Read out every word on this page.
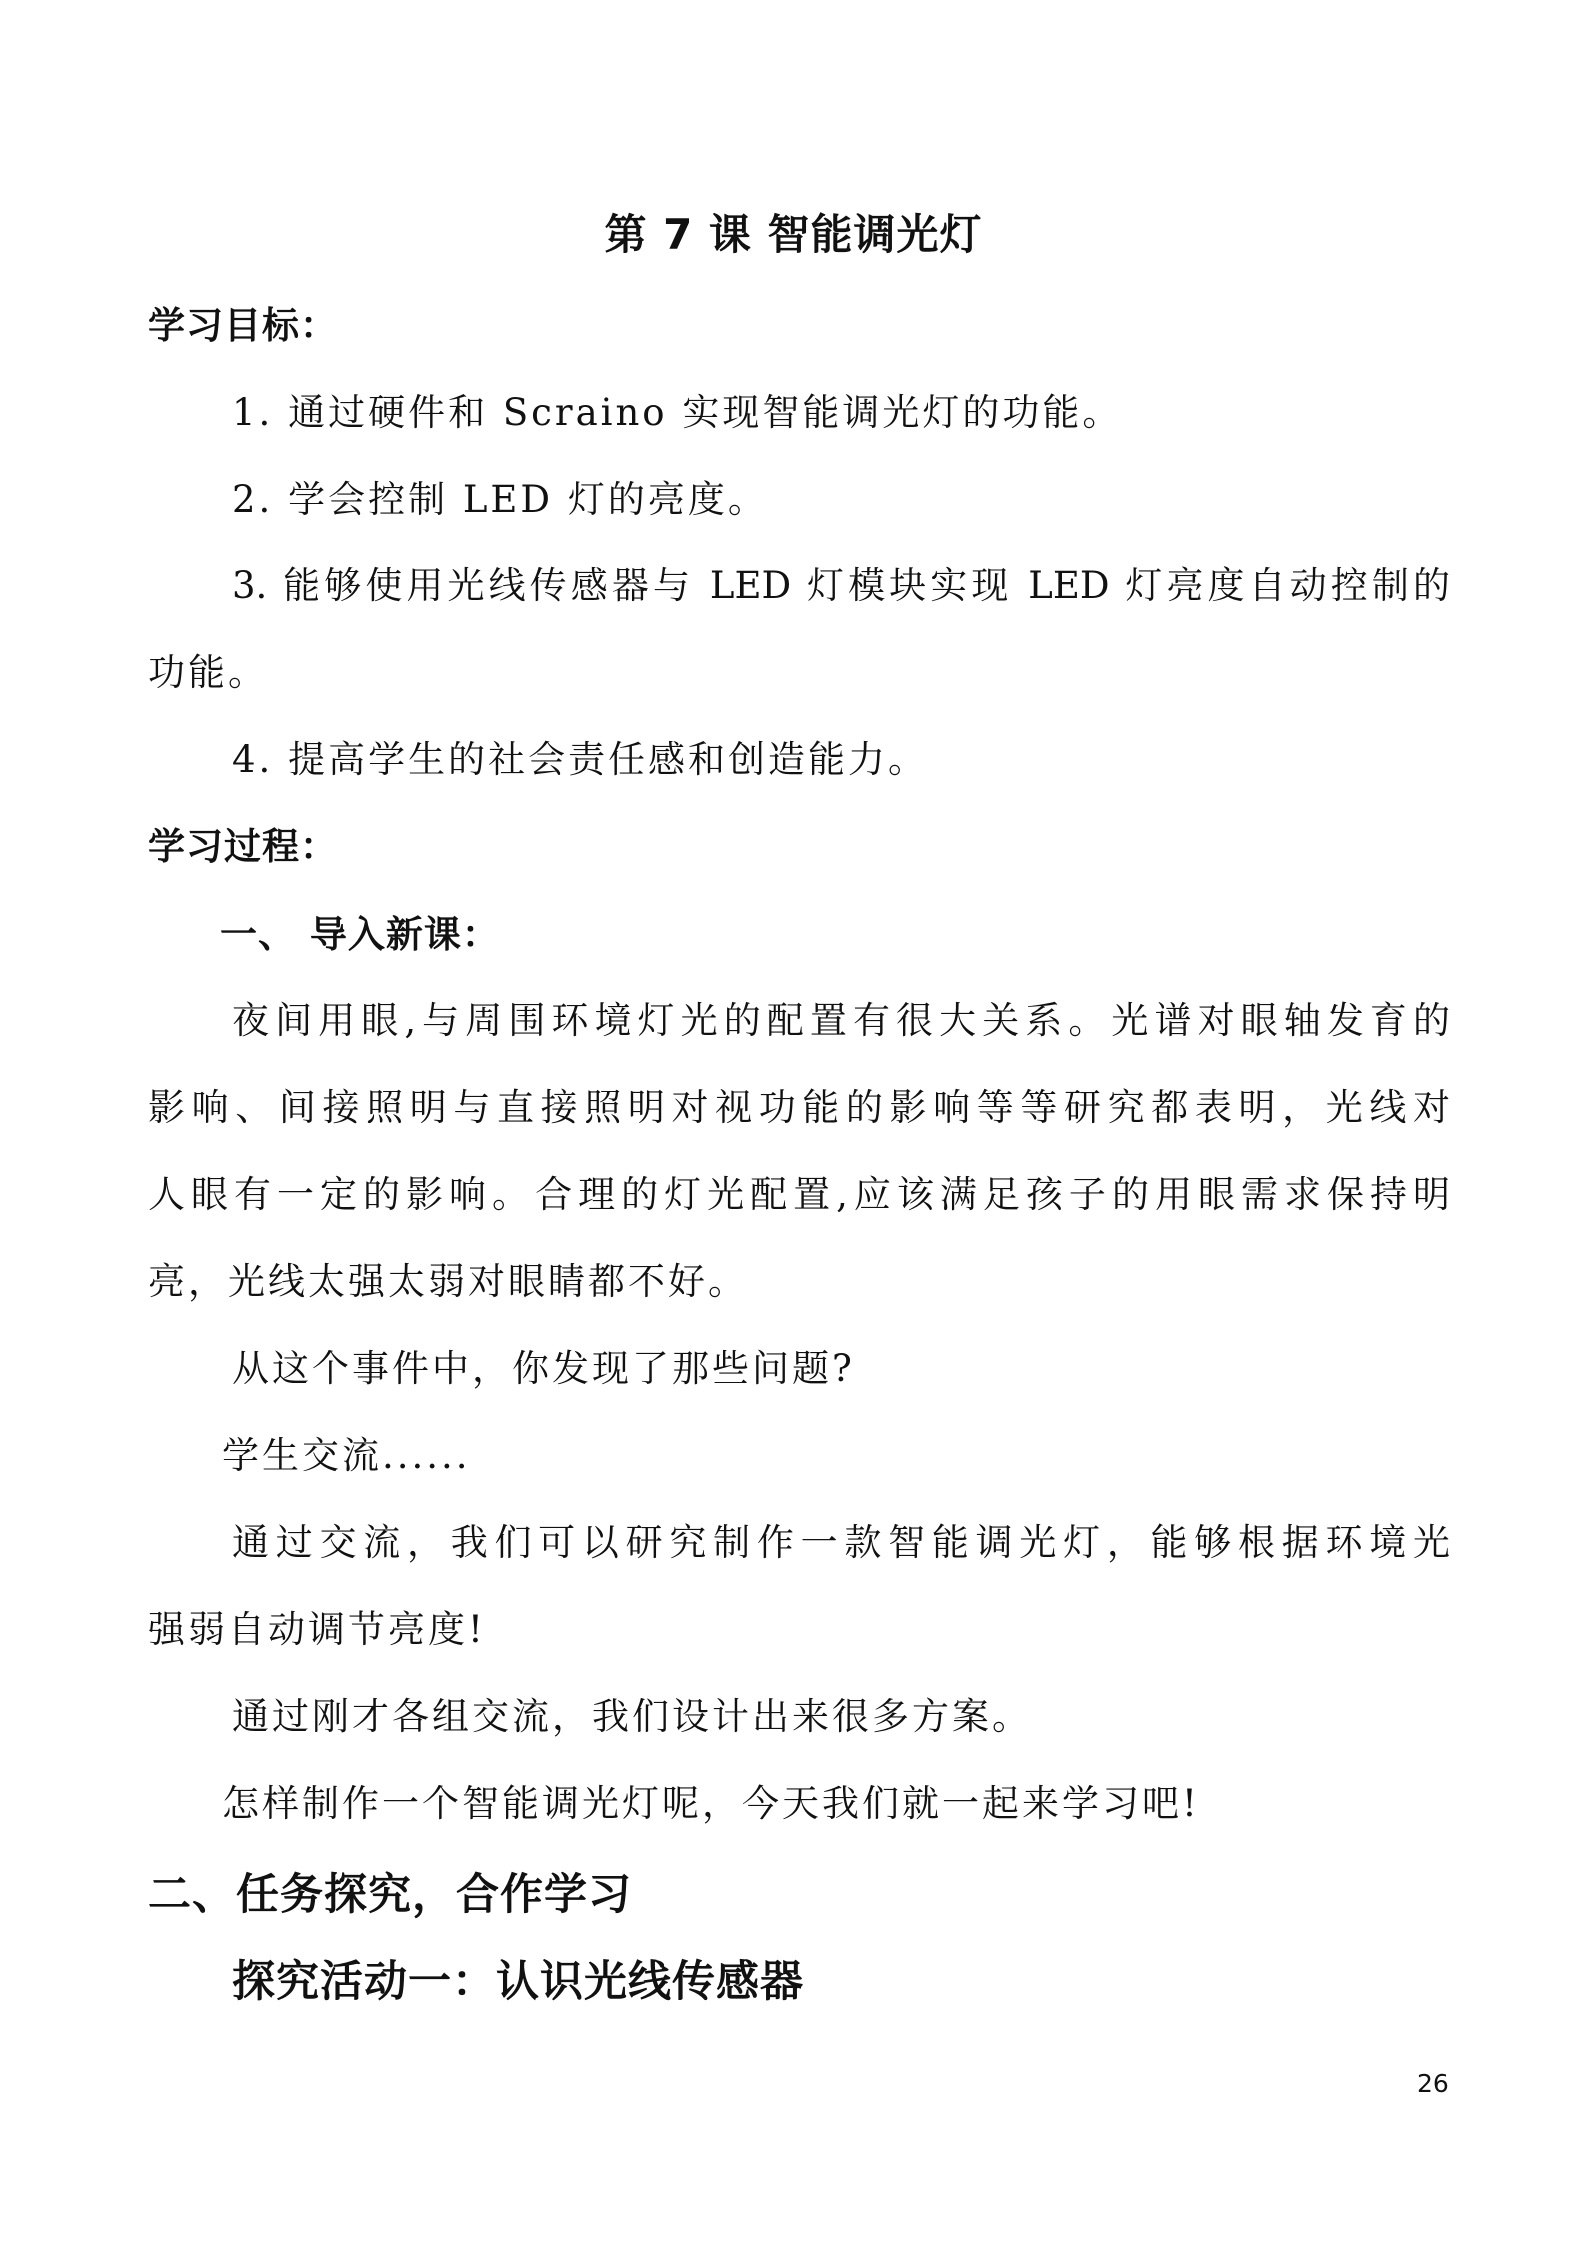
第 7 课 智能调光灯
学习目标：
1. 通过硬件和 Scraino 实现智能调光灯的功能。
2. 学会控制 LED 灯的亮度。
3. 能够使用光线传感器与 LED 灯模块实现 LED 灯亮度自动控制的
功能。
4. 提高学生的社会责任感和创造能力。
学习过程：
一、 导入新课：
夜间用眼,与周围环境灯光的配置有很大关系。光谱对眼轴发育的
影响、间接照明与直接照明对视功能的影响等等研究都表明，光线对
人眼有一定的影响。合理的灯光配置,应该满足孩子的用眼需求保持明
亮，光线太强太弱对眼睛都不好。
从这个事件中，你发现了那些问题?
学生交流......
通过交流，我们可以研究制作一款智能调光灯，能够根据环境光
强弱自动调节亮度!
通过刚才各组交流，我们设计出来很多方案。
怎样制作一个智能调光灯呢，今天我们就一起来学习吧!
二、任务探究，合作学习
探究活动一：认识光线传感器
26
